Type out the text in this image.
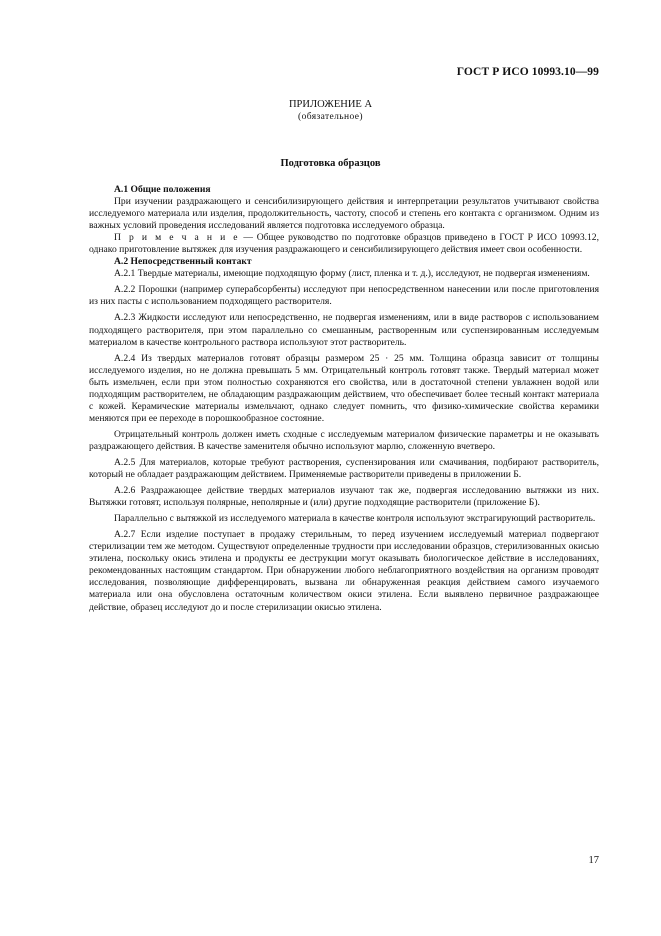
ГОСТ Р ИСО 10993.10—99
ПРИЛОЖЕНИЕ А
(обязательное)
Подготовка образцов

А.1 Общие положения

При изучении раздражающего и сенсибилизирующего действия и интерпретации результатов учитывают свойства исследуемого материала или изделия, продолжительность, частоту, способ и степень его контакта с организмом. Одним из важных условий проведения исследований является подготовка исследуемого образца.

П р и м е ч а н и е — Общее руководство по подготовке образцов приведено в ГОСТ Р ИСО 10993.12, однако приготовление вытяжек для изучения раздражающего и сенсибилизирующего действия имеет свои особенности.

А.2 Непосредственный контакт

А.2.1 Твердые материалы, имеющие подходящую форму (лист, пленка и т. д.), исследуют, не подвергая изменениям.

А.2.2 Порошки (например суперабсорбенты) исследуют при непосредственном нанесении или после приготовления из них пасты с использованием подходящего растворителя.

А.2.3 Жидкости исследуют или непосредственно, не подвергая изменениям, или в виде растворов с использованием подходящего растворителя, при этом параллельно со смешанным, растворенным или суспензированным исследуемым материалом в качестве контрольного раствора используют этот растворитель.

А.2.4 Из твердых материалов готовят образцы размером 25 · 25 мм. Толщина образца зависит от толщины исследуемого изделия, но не должна превышать 5 мм. Отрицательный контроль готовят также. Твердый материал может быть измельчен, если при этом полностью сохраняются его свойства, или в достаточной степени увлажнен водой или подходящим растворителем, не обладающим раздражающим действием, что обеспечивает более тесный контакт материала с кожей. Керамические материалы измельчают, однако следует помнить, что физико-химические свойства керамики меняются при ее переходе в порошкообразное состояние.

Отрицательный контроль должен иметь сходные с исследуемым материалом физические параметры и не оказывать раздражающего действия. В качестве заменителя обычно используют марлю, сложенную вчетверо.

А.2.5 Для материалов, которые требуют растворения, суспензирования или смачивания, подбирают растворитель, который не обладает раздражающим действием. Применяемые растворители приведены в приложении Б.

А.2.6 Раздражающее действие твердых материалов изучают так же, подвергая исследованию вытяжки из них. Вытяжки готовят, используя полярные, неполярные и (или) другие подходящие растворители (приложение Б).

Параллельно с вытяжкой из исследуемого материала в качестве контроля используют экстрагирующий растворитель.

А.2.7 Если изделие поступает в продажу стерильным, то перед изучением исследуемый материал подвергают стерилизации тем же методом. Существуют определенные трудности при исследовании образцов, стерилизованных окисью этилена, поскольку окись этилена и продукты ее деструкции могут оказывать биологическое действие в исследованиях, рекомендованных настоящим стандартом. При обнаружении любого неблагоприятного воздействия на организм проводят исследования, позволяющие дифференцировать, вызвана ли обнаруженная реакция действием самого изучаемого материала или она обусловлена остаточным количеством окиси этилена. Если выявлено первичное раздражающее действие, образец исследуют до и после стерилизации окисью этилена.

17
